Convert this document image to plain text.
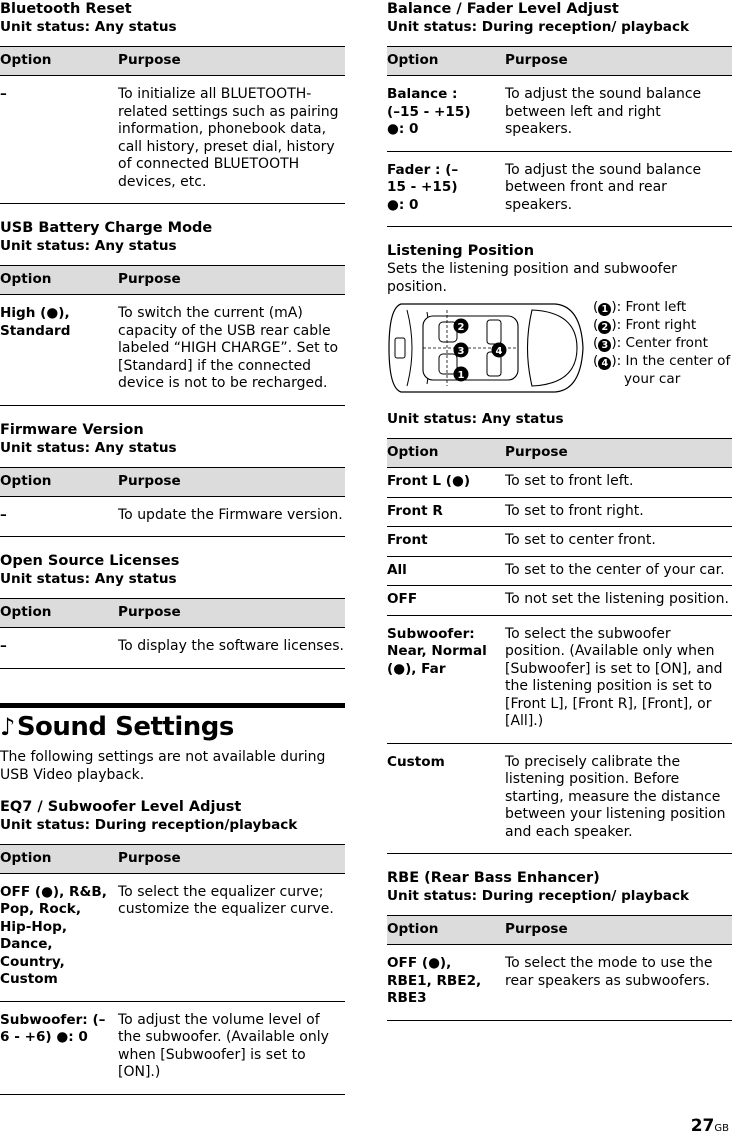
Bluetooth Reset
Unit status: Any status
Option	Purpose
–	To initialize all BLUETOOTH-related settings such as pairing information, phonebook data, call history, preset dial, history of connected BLUETOOTH devices, etc.
USB Battery Charge Mode
Unit status: Any status
Option	Purpose
High (●), Standard	To switch the current (mA) capacity of the USB rear cable labeled “HIGH CHARGE”. Set to [Standard] if the connected device is not to be recharged.
Firmware Version
Unit status: Any status
Option	Purpose
–	To update the Firmware version.
Open Source Licenses
Unit status: Any status
Option	Purpose
–	To display the software licenses.
♪ Sound Settings
The following settings are not available during USB Video playback.
EQ7 / Subwoofer Level Adjust
Unit status: During reception/playback
Option	Purpose
OFF (●), R&B, Pop, Rock, Hip-Hop, Dance, Country, Custom	To select the equalizer curve; customize the equalizer curve.
Subwoofer: (–6 - +6) ●: 0	To adjust the volume level of the subwoofer. (Available only when [Subwoofer] is set to [ON].)
Balance / Fader Level Adjust
Unit status: During reception/ playback
Option	Purpose
Balance : (–15 - +15) ●: 0	To adjust the sound balance between left and right speakers.
Fader : (–15 - +15) ●: 0	To adjust the sound balance between front and rear speakers.
Listening Position
Sets the listening position and subwoofer position.
1
2
3	4
( 1 ): Front left
( 2 ): Front right
( 3 ): Center front
( 4 ): In the center of
your car
Unit status: Any status
Option	Purpose
Front L (●)	To set to front left.
Front R	To set to front right.
Front	To set to center front.
All	To set to the center of your car.
OFF	To not set the listening position.
Subwoofer: Near, Normal (●), Far	To select the subwoofer position. (Available only when [Subwoofer] is set to [ON], and the listening position is set to [Front L], [Front R], [Front], or [All].)
Custom	To precisely calibrate the listening position. Before starting, measure the distance between your listening position and each speaker.
RBE (Rear Bass Enhancer)
Unit status: During reception/ playback
Option	Purpose
OFF (●), RBE1, RBE2, RBE3	To select the mode to use the rear speakers as subwoofers.
27GB
